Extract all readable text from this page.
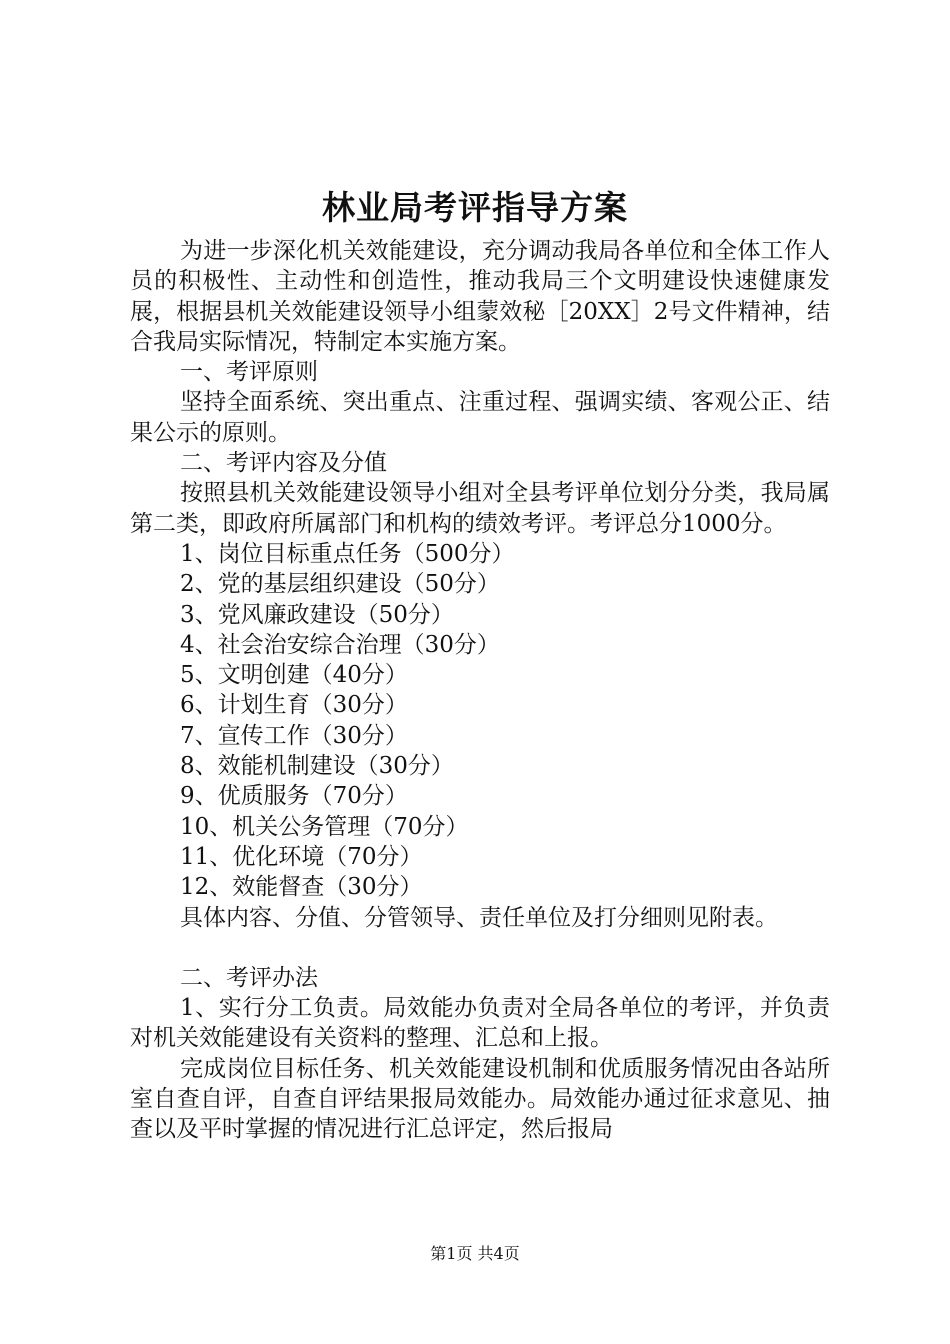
林业局考评指导方案

为进一步深化机关效能建设，充分调动我局各单位和全体工作人员的积极性、主动性和创造性，推动我局三个文明建设快速健康发展，根据县机关效能建设领导小组蒙效秘［20XX］2号文件精神，结合我局实际情况，特制定本实施方案。

一、考评原则

坚持全面系统、突出重点、注重过程、强调实绩、客观公正、结果公示的原则。

二、考评内容及分值

按照县机关效能建设领导小组对全县考评单位划分分类，我局属第二类，即政府所属部门和机构的绩效考评。考评总分1000分。

1、岗位目标重点任务（500分）

2、党的基层组织建设（50分）

3、党风廉政建设（50分）

4、社会治安综合治理（30分）

5、文明创建（40分）

6、计划生育（30分）

7、宣传工作（30分）

8、效能机制建设（30分）

9、优质服务（70分）

10、机关公务管理（70分）

11、优化环境（70分）

12、效能督查（30分）

具体内容、分值、分管领导、责任单位及打分细则见附表。

二、考评办法

1、实行分工负责。局效能办负责对全局各单位的考评，并负责对机关效能建设有关资料的整理、汇总和上报。

完成岗位目标任务、机关效能建设机制和优质服务情况由各站所室自查自评，自查自评结果报局效能办。局效能办通过征求意见、抽查以及平时掌握的情况进行汇总评定，然后报局

第1页 共4页
